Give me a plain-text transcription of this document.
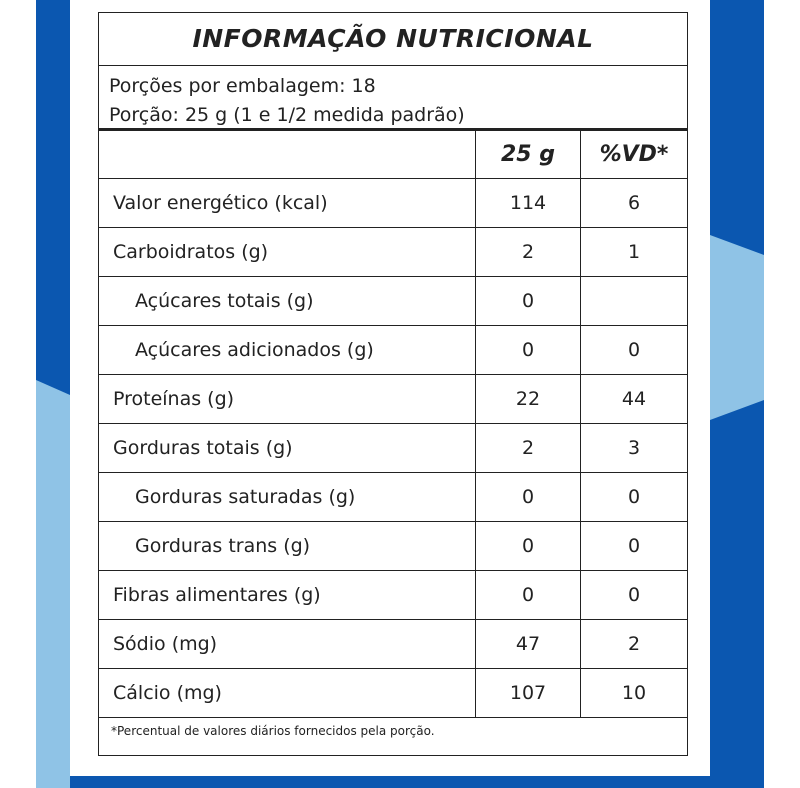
INFORMAÇÃO NUTRICIONAL
Porções por embalagem: 18
Porção: 25 g (1 e 1/2 medida padrão)
	25 g	%VD*
Valor energético (kcal)	114	6
Carboidratos (g)	2	1
Açúcares totais (g)	0	
Açúcares adicionados (g)	0	0
Proteínas (g)	22	44
Gorduras totais (g)	2	3
Gorduras saturadas (g)	0	0
Gorduras trans (g)	0	0
Fibras alimentares (g)	0	0
Sódio (mg)	47	2
Cálcio (mg)	107	10
*Percentual de valores diários fornecidos pela porção.
